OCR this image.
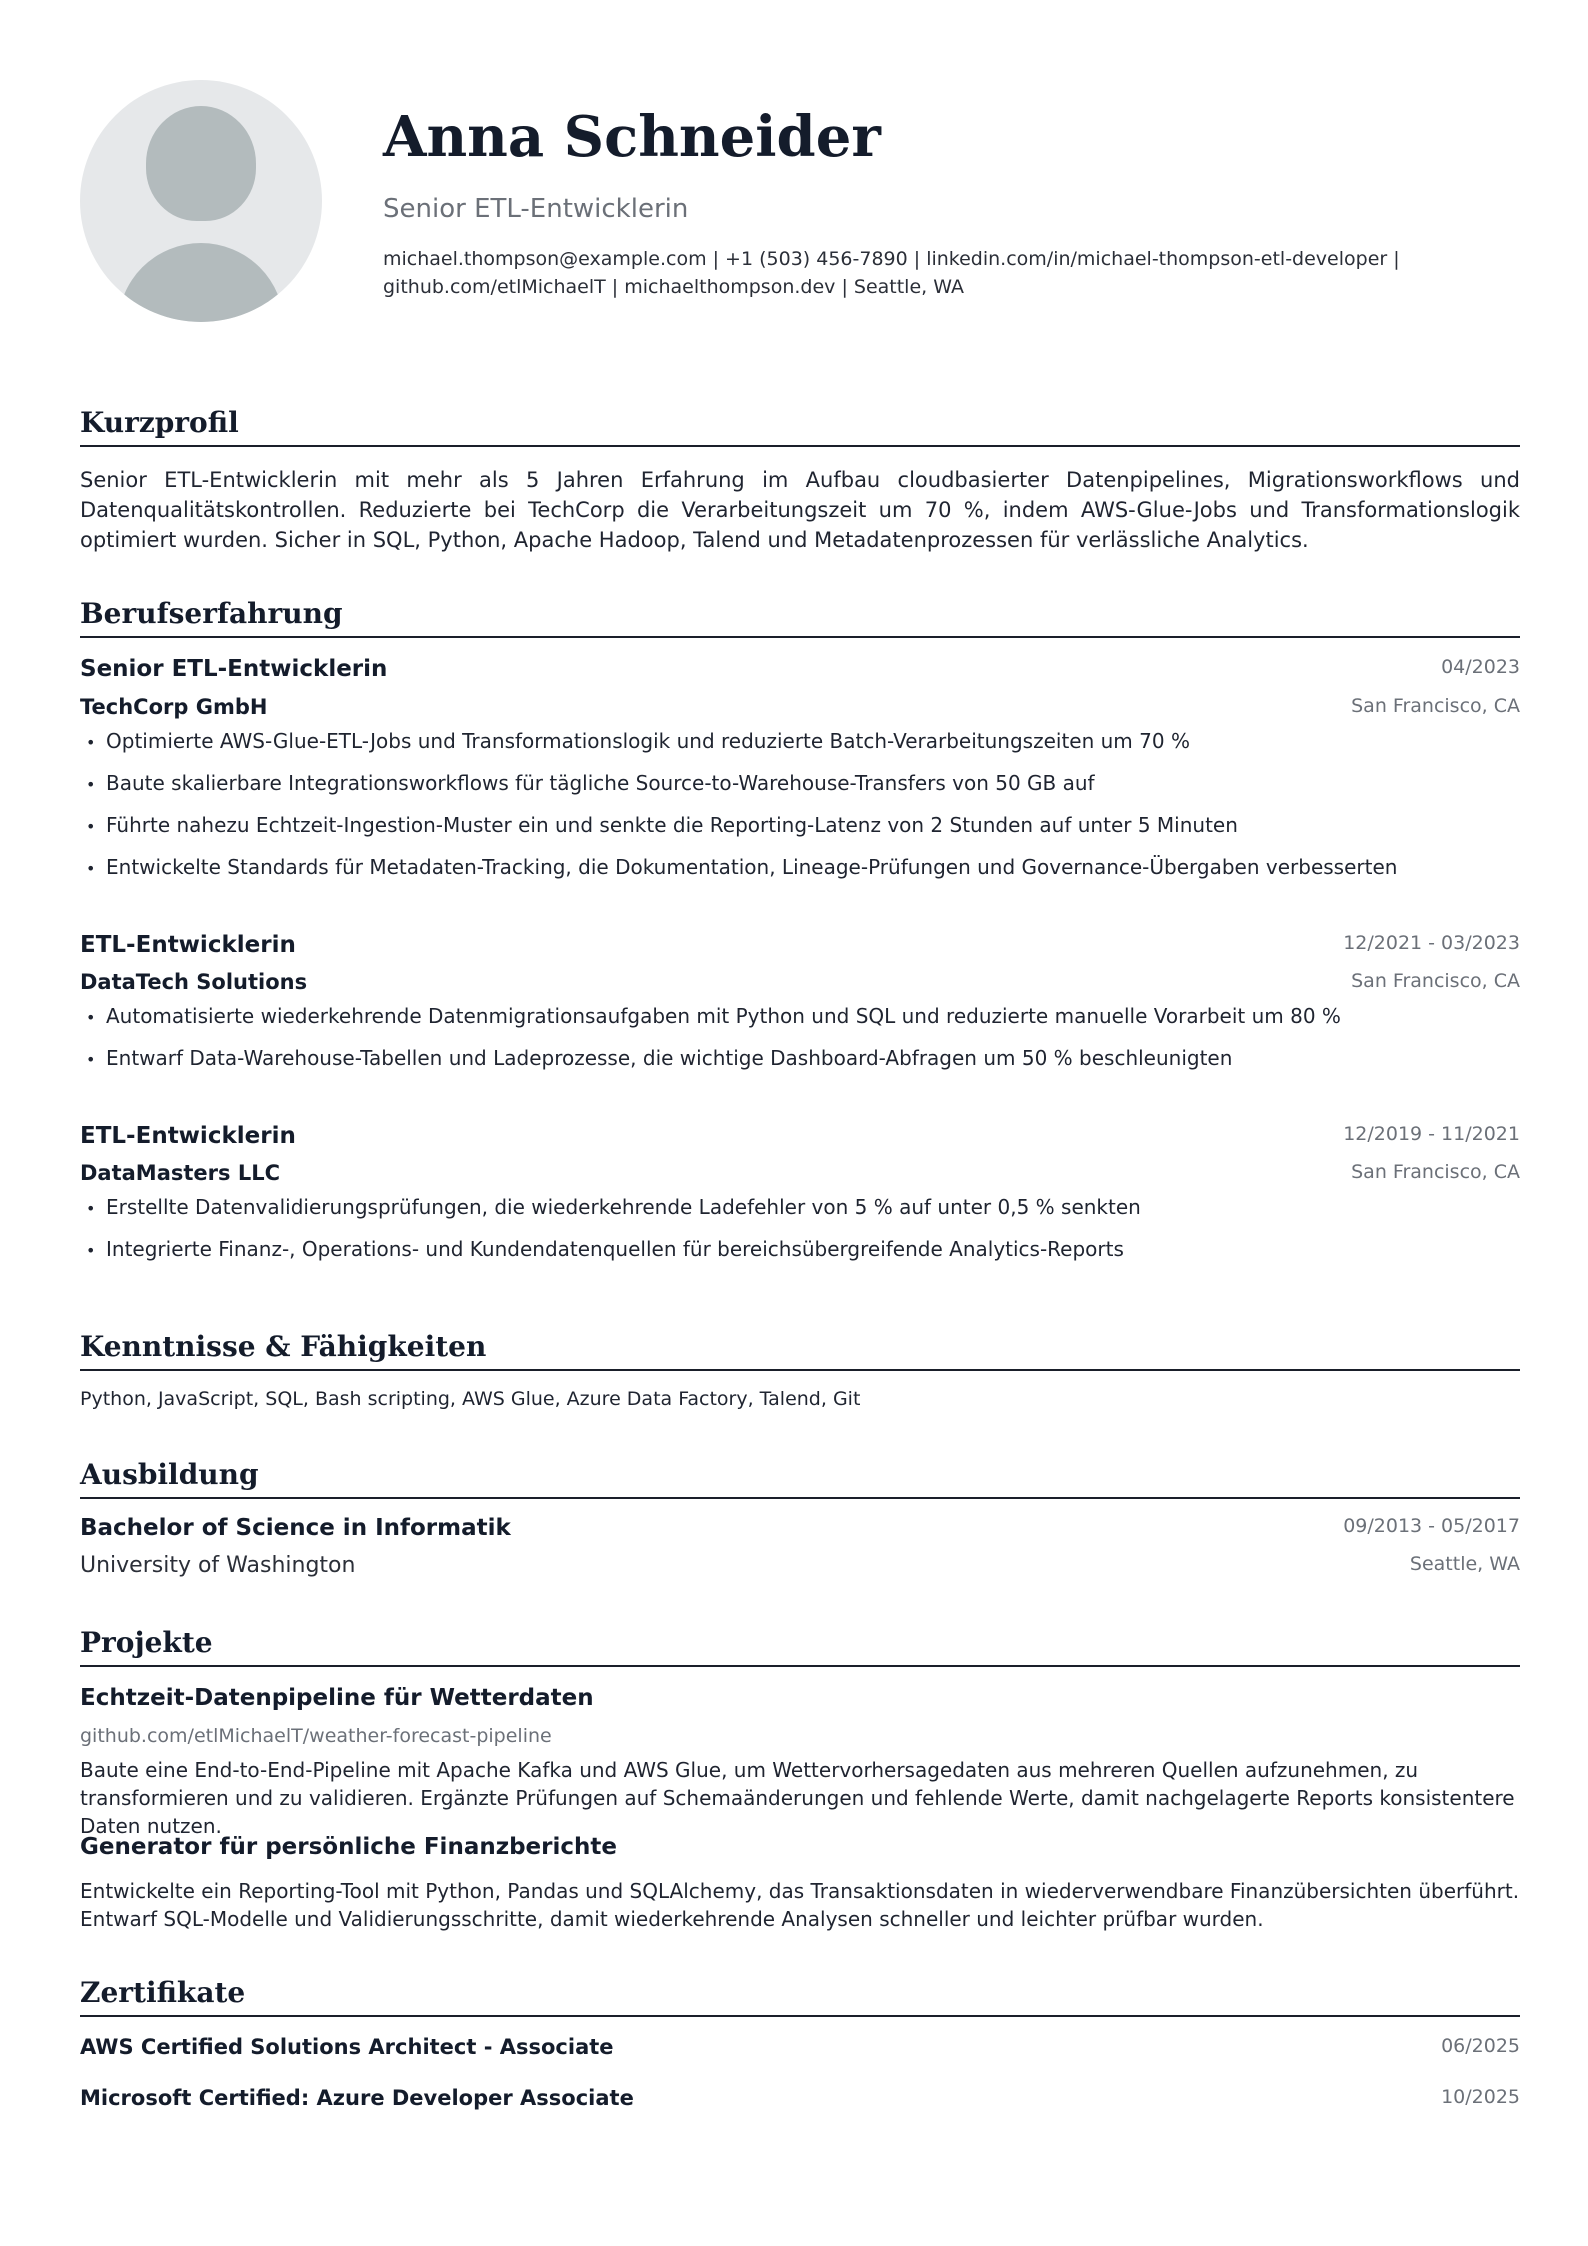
Anna Schneider
Senior ETL-Entwicklerin
michael.thompson@example.com | +1 (503) 456-7890 | linkedin.com/in/michael-thompson-etl-developer | github.com/etlMichaelT | michaelthompson.dev | Seattle, WA
Kurzprofil
Senior ETL-Entwicklerin mit mehr als 5 Jahren Erfahrung im Aufbau cloudbasierter Datenpipelines, Migrationsworkflows und Datenqualitätskontrollen. Reduzierte bei TechCorp die Verarbeitungszeit um 70 %, indem AWS-Glue-Jobs und Transformationslogik optimiert wurden. Sicher in SQL, Python, Apache Hadoop, Talend und Metadatenprozessen für verlässliche Analytics.
Berufserfahrung
Senior ETL-Entwicklerin	04/2023
TechCorp GmbH	San Francisco, CA
• Optimierte AWS-Glue-ETL-Jobs und Transformationslogik und reduzierte Batch-Verarbeitungszeiten um 70 %
• Baute skalierbare Integrationsworkflows für tägliche Source-to-Warehouse-Transfers von 50 GB auf
• Führte nahezu Echtzeit-Ingestion-Muster ein und senkte die Reporting-Latenz von 2 Stunden auf unter 5 Minuten
• Entwickelte Standards für Metadaten-Tracking, die Dokumentation, Lineage-Prüfungen und Governance-Übergaben verbesserten
ETL-Entwicklerin	12/2021 - 03/2023
DataTech Solutions	San Francisco, CA
• Automatisierte wiederkehrende Datenmigrationsaufgaben mit Python und SQL und reduzierte manuelle Vorarbeit um 80 %
• Entwarf Data-Warehouse-Tabellen und Ladeprozesse, die wichtige Dashboard-Abfragen um 50 % beschleunigten
ETL-Entwicklerin	12/2019 - 11/2021
DataMasters LLC	San Francisco, CA
• Erstellte Datenvalidierungsprüfungen, die wiederkehrende Ladefehler von 5 % auf unter 0,5 % senkten
• Integrierte Finanz-, Operations- und Kundendatenquellen für bereichsübergreifende Analytics-Reports
Kenntnisse & Fähigkeiten
Python, JavaScript, SQL, Bash scripting, AWS Glue, Azure Data Factory, Talend, Git
Ausbildung
Bachelor of Science in Informatik	09/2013 - 05/2017
University of Washington	Seattle, WA
Projekte
Echtzeit-Datenpipeline für Wetterdaten
github.com/etlMichaelT/weather-forecast-pipeline
Baute eine End-to-End-Pipeline mit Apache Kafka und AWS Glue, um Wettervorhersagedaten aus mehreren Quellen aufzunehmen, zu transformieren und zu validieren. Ergänzte Prüfungen auf Schemaänderungen und fehlende Werte, damit nachgelagerte Reports konsistentere Daten nutzen.
Generator für persönliche Finanzberichte
Entwickelte ein Reporting-Tool mit Python, Pandas und SQLAlchemy, das Transaktionsdaten in wiederverwendbare Finanzübersichten überführt. Entwarf SQL-Modelle und Validierungsschritte, damit wiederkehrende Analysen schneller und leichter prüfbar wurden.
Zertifikate
AWS Certified Solutions Architect - Associate	06/2025
Microsoft Certified: Azure Developer Associate	10/2025
